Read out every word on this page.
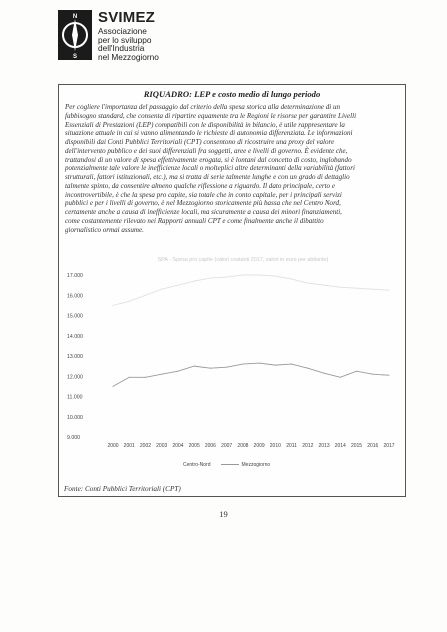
N
S
SVIMEZ
Associazione
per lo sviluppo
dell'Industria
nel Mezzogiorno
RIQUADRO: LEP e costo medio di lungo periodo
Per cogliere l'importanza del passaggio dal criterio della spesa storica alla determinazione di un
fabbisogno standard, che consenta di ripartire equamente tra le Regioni le risorse per garantire Livelli
Essenziali di Prestazioni (LEP) compatibili con le disponibilità in bilancio, è utile rappresentare la
situazione attuale in cui si vanno alimentando le richieste di autonomia differenziata. Le informazioni
disponibili dai Conti Pubblici Territoriali (CPT) consentono di ricostruire una proxy del valore
dell'intervento pubblico e dei suoi differenziali fra soggetti, aree e livelli di governo. È evidente che,
trattandosi di un valore di spesa effettivamente erogata, si è lontani dal concetto di costo, inglobando
potenzialmente tale valore le inefficienze locali o molteplici altre determinanti della variabilità (fattori
strutturali, fattori istituzionali, etc.), ma si tratta di serie talmente lunghe e con un grado di dettaglio
talmente spinto, da consentire almeno qualche riflessione a riguardo. Il dato principale, certo e
incontrovertibile, è che la spesa pro capite, sia totale che in conto capitale, per i principali servizi
pubblici e per i livelli di governo, è nel Mezzogiorno storicamente più bassa che nel Centro Nord,
certamente anche a causa di inefficienze locali, ma sicuramente a causa dei minori finanziamenti,
come costantemente rilevato nei Rapporti annuali CPT e come finalmente anche il dibattito
giornalistico ormai assume.
SPA - Spesa pro capite (valori costanti 2017, valori in euro per abitante)
9.000
10.000
11.000
12.000
13.000
14.000
15.000
16.000
17.000
2000 2001 2002 2003 2004 2005 2006 2007 2008 2009 2010 2011 2012 2013 2014 2015 2016 2017
Centro-Nord	Mezzogiorno
Fonte: Conti Pubblici Territoriali (CPT)
19
